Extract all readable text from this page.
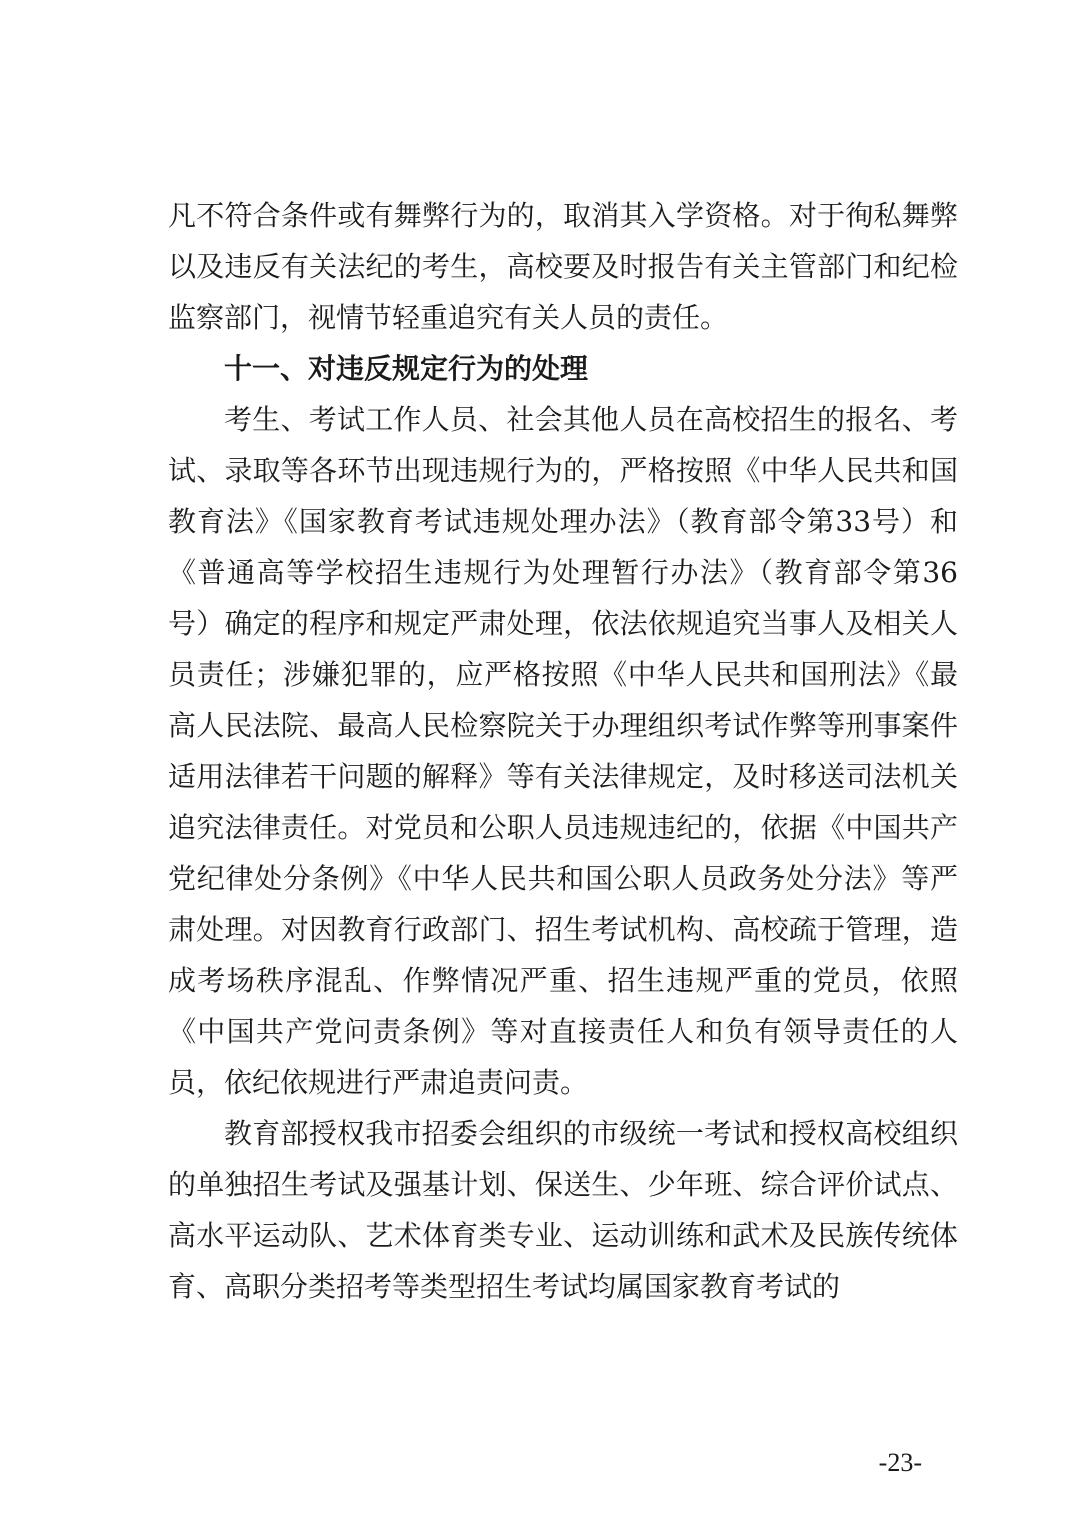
凡不符合条件或有舞弊行为的，取消其入学资格。对于徇私舞弊以及违反有关法纪的考生，高校要及时报告有关主管部门和纪检监察部门，视情节轻重追究有关人员的责任。

十一、对违反规定行为的处理

考生、考试工作人员、社会其他人员在高校招生的报名、考试、录取等各环节出现违规行为的，严格按照《中华人民共和国教育法》《国家教育考试违规处理办法》（教育部令第33号）和《普通高等学校招生违规行为处理暂行办法》（教育部令第36号）确定的程序和规定严肃处理，依法依规追究当事人及相关人员责任；涉嫌犯罪的，应严格按照《中华人民共和国刑法》《最高人民法院、最高人民检察院关于办理组织考试作弊等刑事案件适用法律若干问题的解释》等有关法律规定，及时移送司法机关追究法律责任。对党员和公职人员违规违纪的，依据《中国共产党纪律处分条例》《中华人民共和国公职人员政务处分法》等严肃处理。对因教育行政部门、招生考试机构、高校疏于管理，造成考场秩序混乱、作弊情况严重、招生违规严重的党员，依照《中国共产党问责条例》等对直接责任人和负有领导责任的人员，依纪依规进行严肃追责问责。

教育部授权我市招委会组织的市级统一考试和授权高校组织的单独招生考试及强基计划、保送生、少年班、综合评价试点、高水平运动队、艺术体育类专业、运动训练和武术及民族传统体育、高职分类招考等类型招生考试均属国家教育考试的

-23-
